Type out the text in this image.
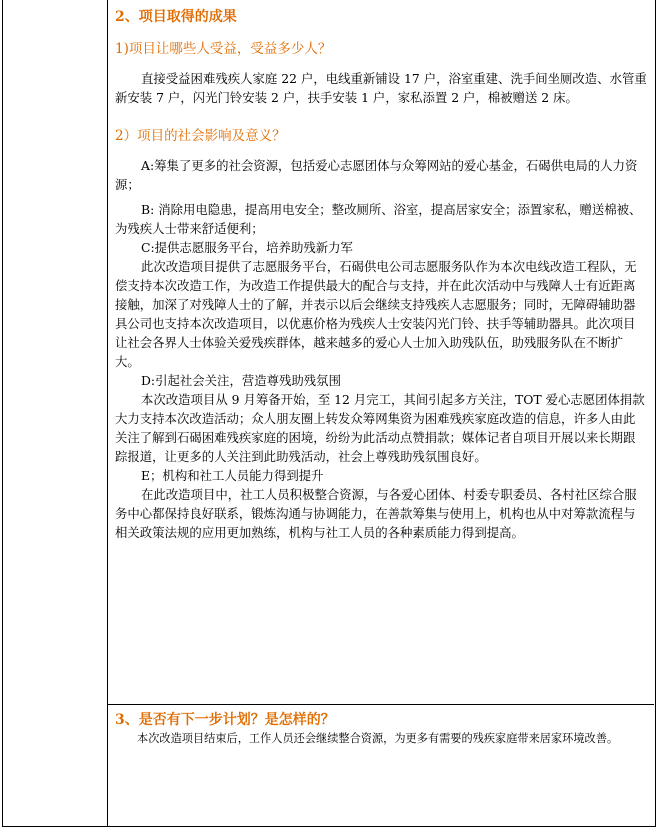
2、项目取得的成果

1)项目让哪些人受益，受益多少人？

直接受益困难残疾人家庭 22 户，电线重新铺设 17 户，浴室重建、洗手间坐厕改造、水管重新安装 7 户，闪光门铃安装 2 户，扶手安装 1 户，家私添置 2 户，棉被赠送 2 床。

2）项目的社会影响及意义？

A:筹集了更多的社会资源，包括爱心志愿团体与众筹网站的爱心基金，石碣供电局的人力资源；

B: 消除用电隐患，提高用电安全；整改厕所、浴室，提高居家安全；添置家私，赠送棉被、为残疾人士带来舒适便利；

C:提供志愿服务平台，培养助残新力军

此次改造项目提供了志愿服务平台，石碣供电公司志愿服务队作为本次电线改造工程队，无偿支持本次改造工作，为改造工作提供最大的配合与支持，并在此次活动中与残障人士有近距离接触，加深了对残障人士的了解，并表示以后会继续支持残疾人志愿服务；同时，无障碍辅助器具公司也支持本次改造项目，以优惠价格为残疾人士安装闪光门铃、扶手等辅助器具。此次项目让社会各界人士体验关爱残疾群体，越来越多的爱心人士加入助残队伍，助残服务队在不断扩大。

D:引起社会关注，营造尊残助残氛围

本次改造项目从 9 月筹备开始，至 12 月完工，其间引起多方关注，TOT 爱心志愿团体捐款大力支持本次改造活动；众人朋友圈上转发众筹网集资为困难残疾家庭改造的信息，许多人由此关注了解到石碣困难残疾家庭的困境，纷纷为此活动点赞捐款；媒体记者自项目开展以来长期跟踪报道，让更多的人关注到此助残活动，社会上尊残助残氛围良好。

E；机构和社工人员能力得到提升

在此改造项目中，社工人员积极整合资源，与各爱心团体、村委专职委员、各村社区综合服务中心都保持良好联系，锻炼沟通与协调能力，在善款筹集与使用上，机构也从中对筹款流程与相关政策法规的应用更加熟练，机构与社工人员的各种素质能力得到提高。

3、是否有下一步计划？是怎样的？

本次改造项目结束后，工作人员还会继续整合资源，为更多有需要的残疾家庭带来居家环境改善。
